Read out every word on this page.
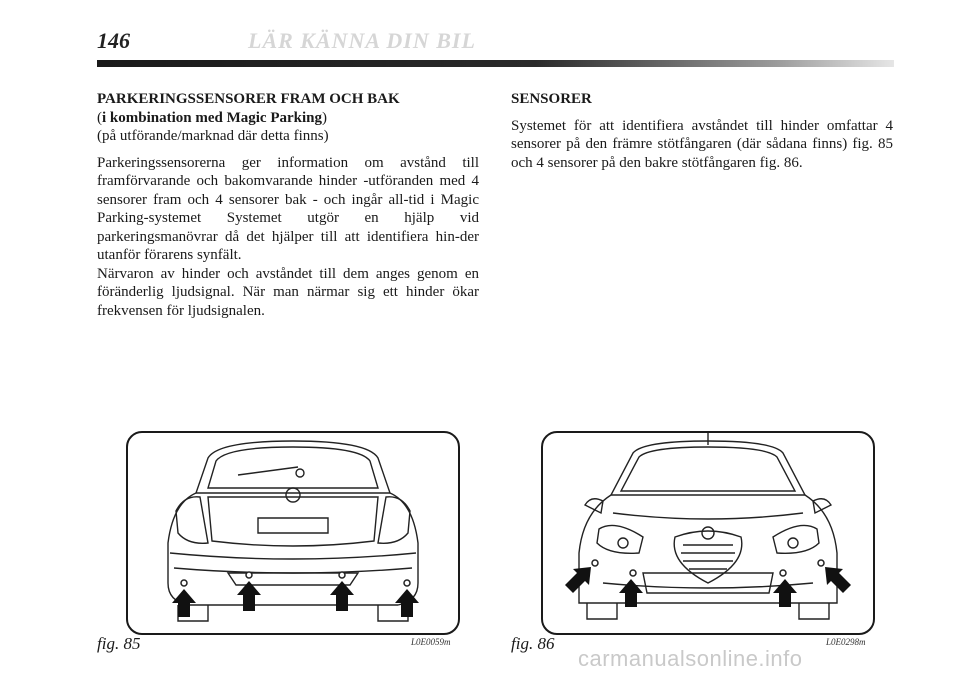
146	LÄR KÄNNA DIN BIL

PARKERINGSSENSORER FRAM OCH BAK

(i kombination med Magic Parking)

(på utförande/marknad där detta finns)

Parkeringssensorerna ger information om avstånd till framförvarande och bakomvarande hinder -utföranden med 4 sensorer fram och 4 sensorer bak - och ingår all-tid i Magic Parking-systemet Systemet utgör en hjälp vid parkeringsmanövrar då det hjälper till att identifiera hin-der utanför förarens synfält.

Närvaron av hinder och avståndet till dem anges genom en föränderlig ljudsignal. När man närmar sig ett hinder ökar frekvensen för ljudsignalen.

SENSORER

Systemet för att identifiera avståndet till hinder omfattar 4 sensorer på den främre stötfångaren (där sådana finns) fig. 85 och 4 sensorer på den bakre stötfångaren fig. 86.

fig. 85	L0E0059m	fig. 86	L0E0298m
carmanualsonline.info
